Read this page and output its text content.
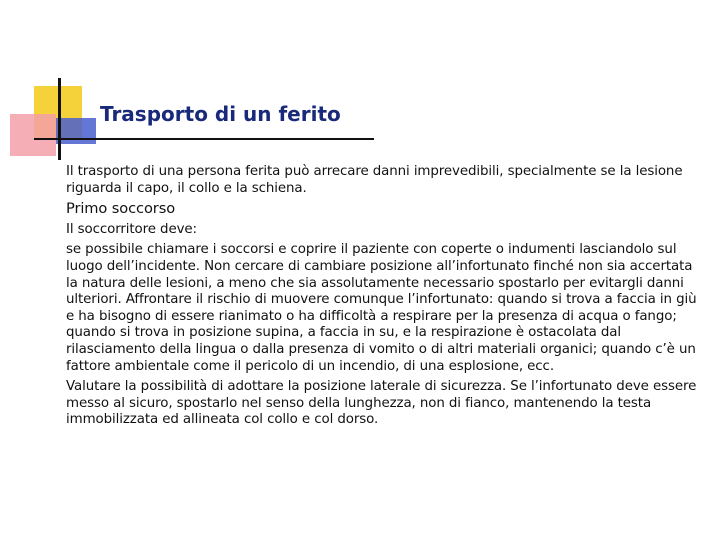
Trasporto di un ferito

Il trasporto di una persona ferita può arrecare danni imprevedibili, specialmente se la lesione riguarda il capo, il collo e la schiena.

Primo soccorso

Il soccorritore deve:

se possibile chiamare i soccorsi e coprire il paziente con coperte o indumenti lasciandolo sul luogo dell’incidente. Non cercare di cambiare posizione all’infortunato finché non sia accertata la natura delle lesioni, a meno che sia assolutamente necessario spostarlo per evitargli danni ulteriori. Affrontare il rischio di muovere comunque l’infortunato: quando si trova a faccia in giù e ha bisogno di essere rianimato o ha difficoltà a respirare per la presenza di acqua o fango; quando si trova in posizione supina, a faccia in su, e la respirazione è ostacolata dal rilasciamento della lingua o dalla presenza di vomito o di altri materiali organici; quando c’è un fattore ambientale come il pericolo di un incendio, di una esplosione, ecc.

Valutare la possibilità di adottare la posizione laterale di sicurezza. Se l’infortunato deve essere messo al sicuro, spostarlo nel senso della lunghezza, non di fianco, mantenendo la testa immobilizzata ed allineata col collo e col dorso.
